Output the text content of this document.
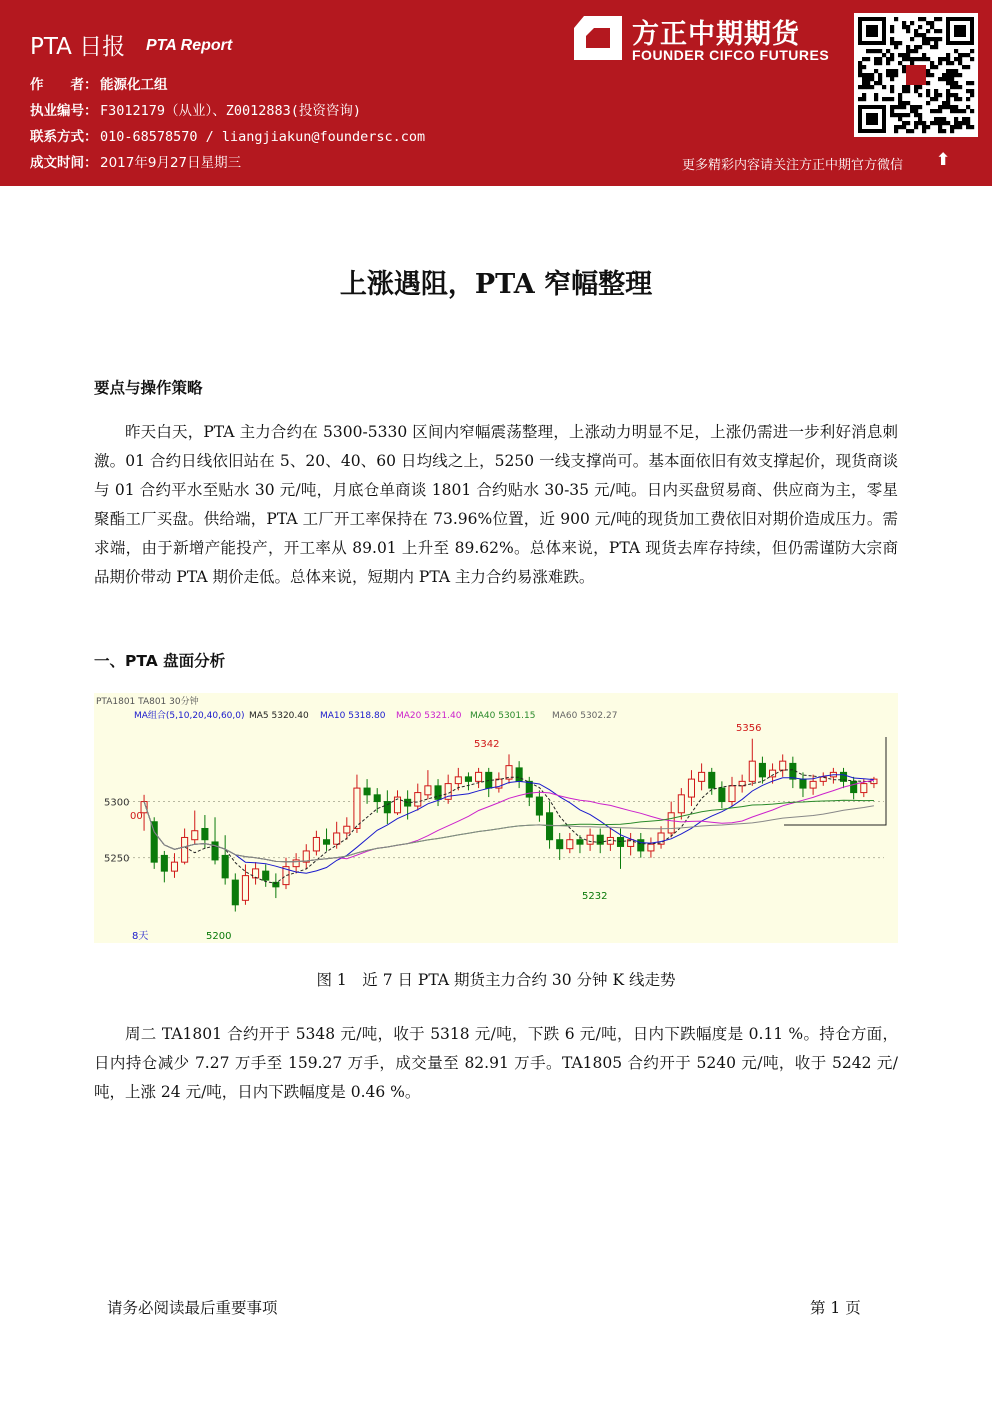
PTA 日报 PTA Report
作　　者： 能源化工组
执业编号： F3012179（从业）、Z0012883(投资咨询)
联系方式： 010-68578570 / liangjiakun@foundersc.com
成文时间： 2017年9月27日星期三
方正中期期货
FOUNDER CIFCO FUTURES
更多精彩内容请关注方正中期官方微信 ⬆
上涨遇阻，PTA 窄幅整理
要点与操作策略

昨天白天，PTA 主力合约在 5300-5330 区间内窄幅震荡整理，上涨动力明显不足，上涨仍需进一步利好消息刺激。01 合约日线依旧站在 5、20、40、60 日均线之上，5250 一线支撑尚可。基本面依旧有效支撑起价，现货商谈与 01 合约平水至贴水 30 元/吨，月底仓单商谈 1801 合约贴水 30-35 元/吨。日内买盘贸易商、供应商为主，零星聚酯工厂买盘。供给端，PTA 工厂开工率保持在 73.96%位置，近 900 元/吨的现货加工费依旧对期价造成压力。需求端，由于新增产能投产，开工率从 89.01 上升至 89.62%。总体来说，PTA 现货去库存持续，但仍需谨防大宗商品期价带动 PTA 期价走低。总体来说，短期内 PTA 主力合约易涨难跌。

一、PTA 盘面分析
5250
5300
PTA1801 TA801 30分钟
MA组合(5,10,20,40,60,0) MA5 5320.40 MA10 5318.80 MA20 5321.40 MA40 5301.15 MA60 5302.27
5342
5200
5232
5356
00
8天
图 1　近 7 日 PTA 期货主力合约 30 分钟 K 线走势

周二 TA1801 合约开于 5348 元/吨，收于 5318 元/吨，下跌 6 元/吨，日内下跌幅度是 0.11 %。持仓方面，日内持仓减少 7.27 万手至 159.27 万手，成交量至 82.91 万手。TA1805 合约开于 5240 元/吨，收于 5242 元/吨，上涨 24 元/吨，日内下跌幅度是 0.46 %。

请务必阅读最后重要事项	第 1 页
